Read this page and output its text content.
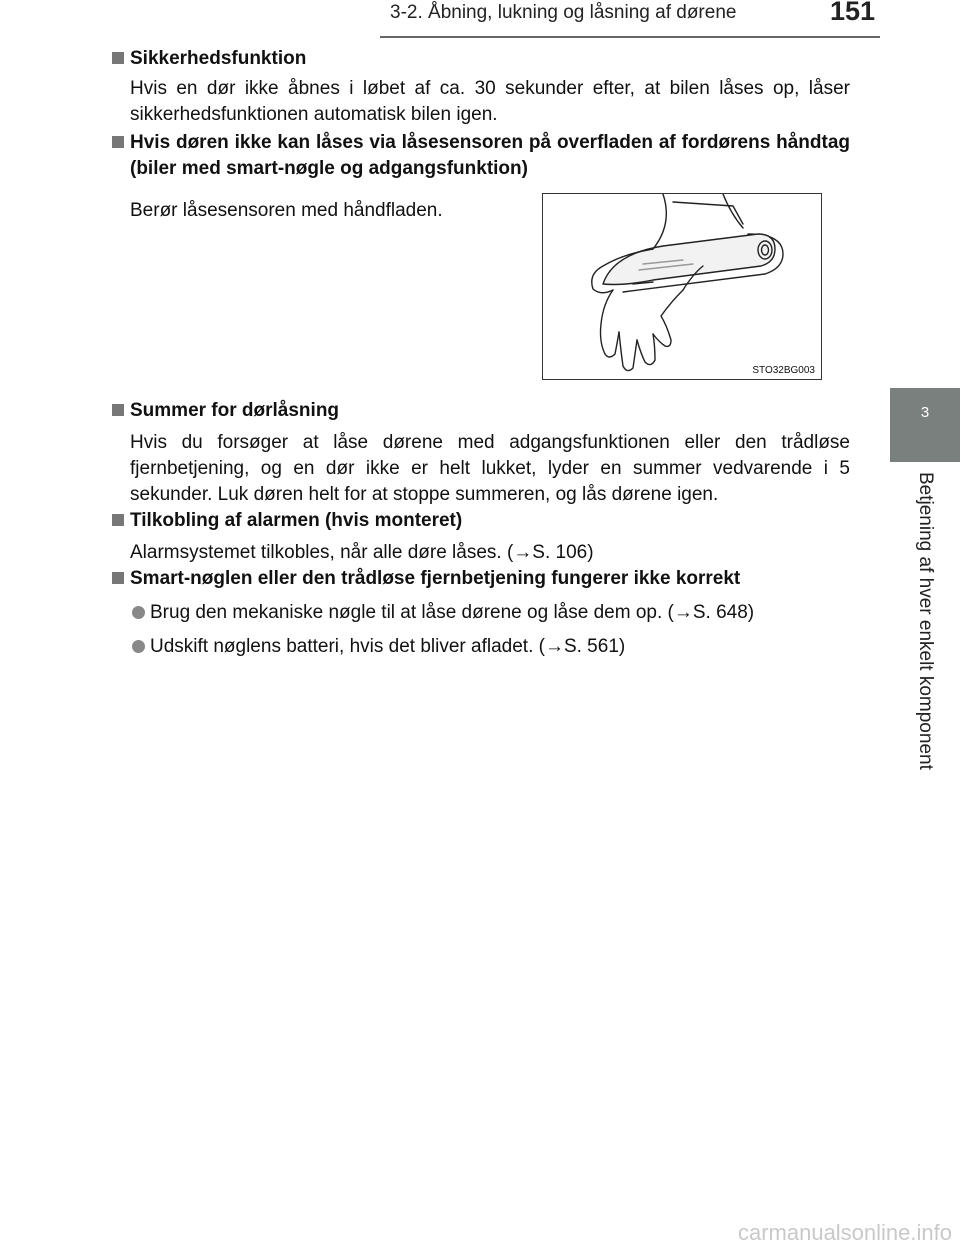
3-2. Åbning, lukning og låsning af dørene	151
3
Betjening af hver enkelt komponent

Sikkerhedsfunktion

Hvis en dør ikke åbnes i løbet af ca. 30 sekunder efter, at bilen låses op, låser sikkerhedsfunktionen automatisk bilen igen.

Hvis døren ikke kan låses via låsesensoren på overfladen af fordørens håndtag (biler med smart-nøgle og adgangsfunktion)

Berør låsesensoren med håndfladen.

Summer for dørlåsning

Hvis du forsøger at låse dørene med adgangsfunktionen eller den trådløse fjernbetjening, og en dør ikke er helt lukket, lyder en summer vedvarende i 5 sekunder. Luk døren helt for at stoppe summeren, og lås dørene igen.

Tilkobling af alarmen (hvis monteret)

Alarmsystemet tilkobles, når alle døre låses. (→S. 106)

Smart-nøglen eller den trådløse fjernbetjening fungerer ikke korrekt

Brug den mekaniske nøgle til at låse dørene og låse dem op. (→S. 648)
Udskift nøglens batteri, hvis det bliver afladet. (→S. 561)
STO32BG003
carmanualsonline.info
